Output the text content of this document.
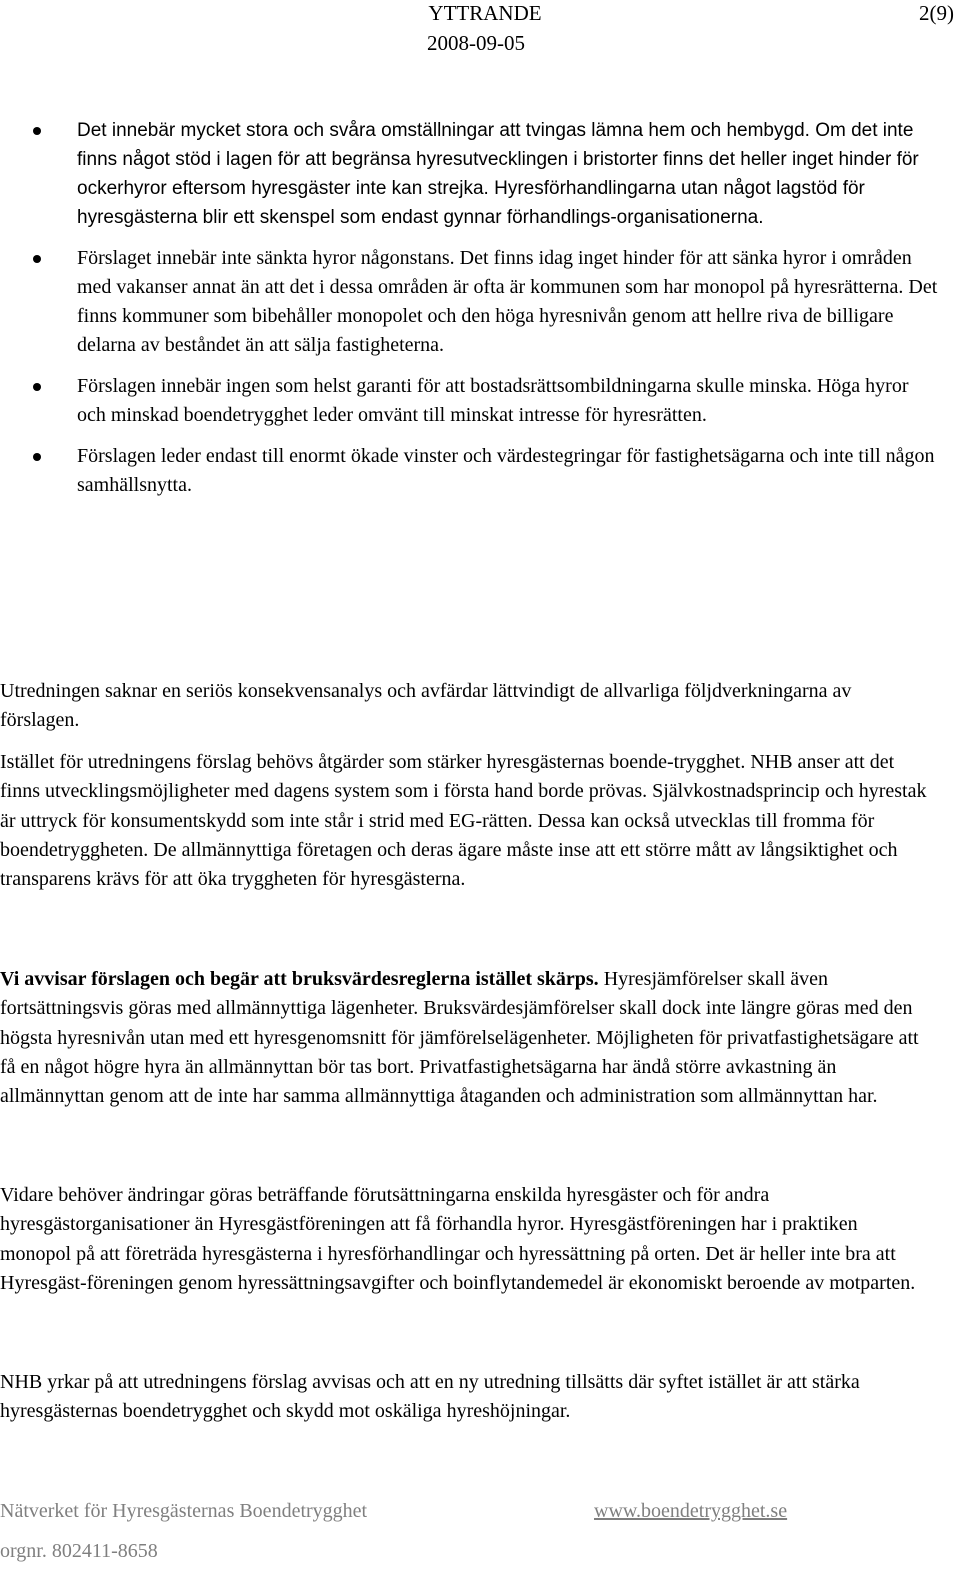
YTTRANDE
2008-09-05
2(9)
Det innebär mycket stora och svåra omställningar att tvingas lämna hem och hembygd. Om det inte finns något stöd i lagen för att begränsa hyresutvecklingen i bristorter finns det heller inget hinder för ockerhyror eftersom hyresgäster inte kan strejka. Hyresförhandlingarna utan något lagstöd för hyresgästerna blir ett skenspel som endast gynnar förhandlings-organisationerna.
Förslaget innebär inte sänkta hyror någonstans. Det finns idag inget hinder för att sänka hyror i områden med vakanser annat än att det i dessa områden är ofta är kommunen som har monopol på hyresrätterna. Det finns kommuner som bibehåller monopolet och den höga hyresnivån genom att hellre riva de billigare delarna av beståndet än att sälja fastigheterna.
Förslagen innebär ingen som helst garanti för att bostadsrättsombildningarna skulle minska. Höga hyror och minskad boendetrygghet leder omvänt till minskat intresse för hyresrätten.
Förslagen leder endast till enormt ökade vinster och värdestegringar för fastighetsägarna och inte till någon samhällsnytta.

Utredningen saknar en seriös konsekvensanalys och avfärdar lättvindigt de allvarliga följdverkningarna av förslagen.

Istället för utredningens förslag behövs åtgärder som stärker hyresgästernas boende-trygghet. NHB anser att det finns utvecklingsmöjligheter med dagens system som i första hand borde prövas. Självkostnadsprincip och hyrestak är uttryck för konsumentskydd som inte står i strid med EG-rätten. Dessa kan också utvecklas till fromma för boendetryggheten. De allmännyttiga företagen och deras ägare måste inse att ett större mått av långsiktighet och transparens krävs för att öka tryggheten för hyresgästerna.

Vi avvisar förslagen och begär att bruksvärdesreglerna istället skärps. Hyresjämförelser skall även fortsättningsvis göras med allmännyttiga lägenheter. Bruksvärdesjämförelser skall dock inte längre göras med den högsta hyresnivån utan med ett hyresgenomsnitt för jämförelselägenheter. Möjligheten för privatfastighetsägare att få en något högre hyra än allmännyttan bör tas bort. Privatfastighetsägarna har ändå större avkastning än allmännyttan genom att de inte har samma allmännyttiga åtaganden och administration som allmännyttan har.

Vidare behöver ändringar göras beträffande förutsättningarna enskilda hyresgäster och för andra hyresgästorganisationer än Hyresgästföreningen att få förhandla hyror. Hyresgästföreningen har i praktiken monopol på att företräda hyresgästerna i hyresförhandlingar och hyressättning på orten. Det är heller inte bra att Hyresgäst-föreningen genom hyressättningsavgifter och boinflytandemedel är ekonomiskt beroende av motparten.

NHB yrkar på att utredningens förslag avvisas och att en ny utredning tillsätts där syftet istället är att stärka hyresgästernas boendetrygghet och skydd mot oskäliga hyreshöjningar.

Nätverket för Hyresgästernas Boendetrygghet	www.boendetrygghet.se
orgnr. 802411-8658
